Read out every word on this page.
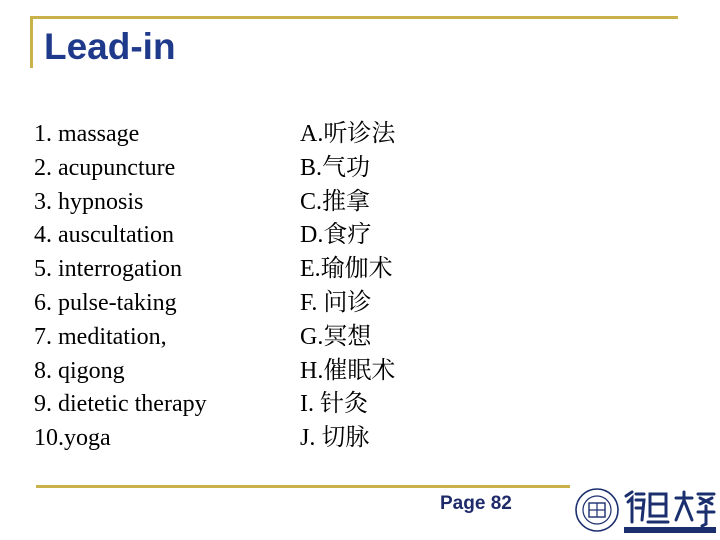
Lead-in
1. massage
2. acupuncture
3. hypnosis
4. auscultation
5. interrogation
6. pulse-taking
7. meditation,
8. qigong
9. dietetic therapy
10.yoga
A.听诊法
B.气功
C.推拿
D.食疗
E.瑜伽术
F. 问诊
G.冥想
H.催眠术
I. 针灸
J. 切脉
Page 82
